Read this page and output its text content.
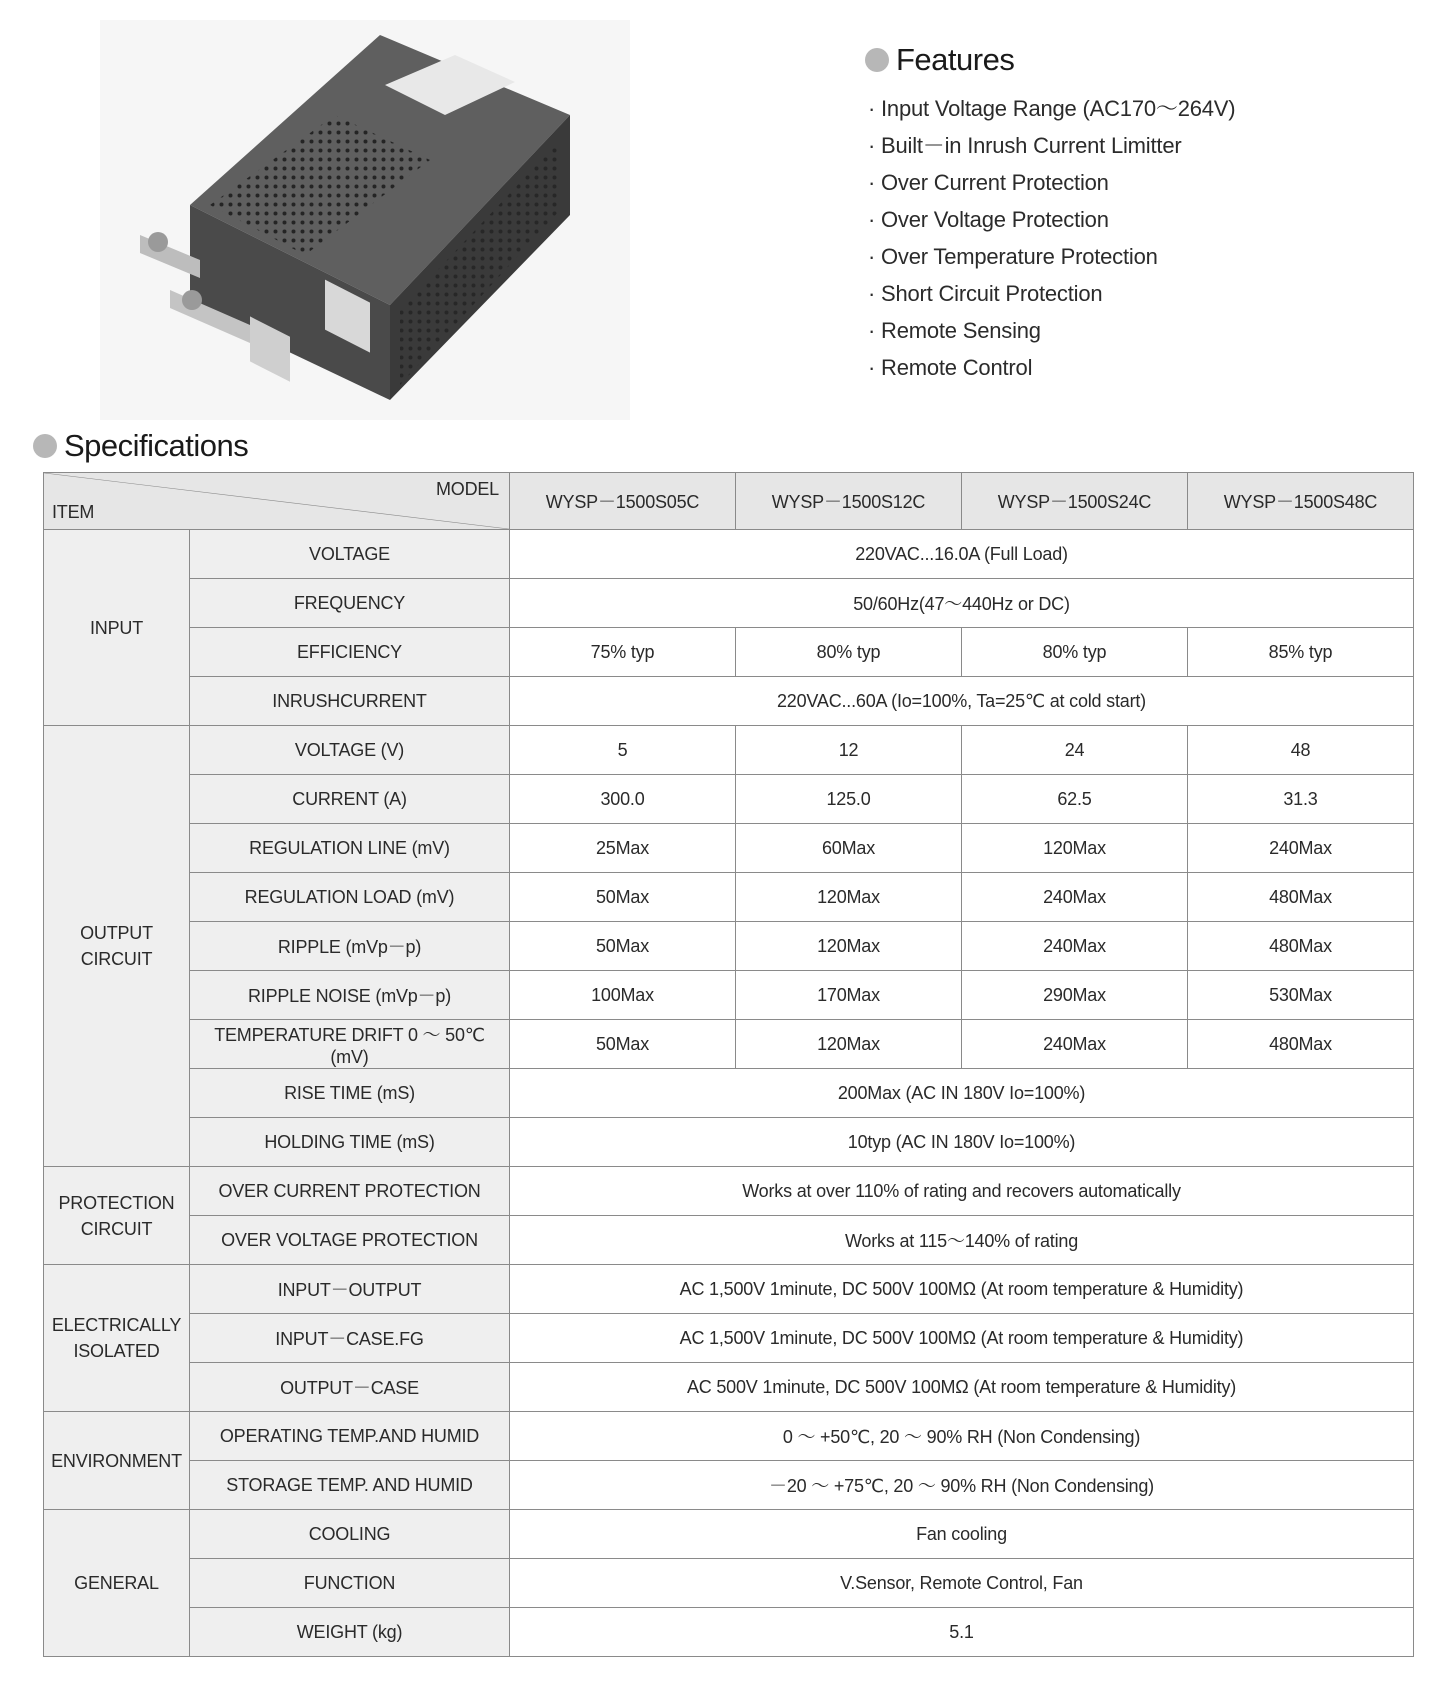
Features
· Input Voltage Range (AC170～264V)
· Built－in Inrush Current Limitter
· Over Current Protection
· Over Voltage Protection
· Over Temperature Protection
· Short Circuit Protection
· Remote Sensing
· Remote Control
Specifications
MODEL
ITEM		WYSP－1500S05C	WYSP－1500S12C	WYSP－1500S24C	WYSP－1500S48C
INPUT	VOLTAGE	220VAC...16.0A (Full Load)			
	FREQUENCY	50/60Hz(47～440Hz or DC)			
	EFFICIENCY	75% typ	80% typ	80% typ	85% typ
	INRUSHCURRENT	220VAC...60A (Io=100%, Ta=25℃ at cold start)			
OUTPUT
CIRCUIT	VOLTAGE (V)	5	12	24	48
	CURRENT (A)	300.0	125.0	62.5	31.3
	REGULATION LINE (mV)	25Max	60Max	120Max	240Max
	REGULATION LOAD (mV)	50Max	120Max	240Max	480Max
	RIPPLE (mVp－p)	50Max	120Max	240Max	480Max
	RIPPLE NOISE (mVp－p)	100Max	170Max	290Max	530Max
	TEMPERATURE DRIFT 0 ～ 50℃ (mV)	50Max	120Max	240Max	480Max
	RISE TIME (mS)	200Max (AC IN 180V Io=100%)			
	HOLDING TIME (mS)	10typ (AC IN 180V Io=100%)			
PROTECTION
CIRCUIT	OVER CURRENT PROTECTION	Works at over 110% of rating and recovers automatically			
	OVER VOLTAGE PROTECTION	Works at 115～140% of rating			
ELECTRICALLY
ISOLATED	INPUT－OUTPUT	AC 1,500V 1minute, DC 500V 100MΩ (At room temperature & Humidity)			
	INPUT－CASE.FG	AC 1,500V 1minute, DC 500V 100MΩ (At room temperature & Humidity)			
	OUTPUT－CASE	AC 500V 1minute, DC 500V 100MΩ (At room temperature & Humidity)			
ENVIRONMENT	OPERATING TEMP.AND HUMID	0 ～ +50℃, 20 ～ 90% RH (Non Condensing)			
	STORAGE TEMP. AND HUMID	－20 ～ +75℃, 20 ～ 90% RH (Non Condensing)			
GENERAL	COOLING	Fan cooling			
	FUNCTION	V.Sensor, Remote Control, Fan			
	WEIGHT (kg)	5.1			
